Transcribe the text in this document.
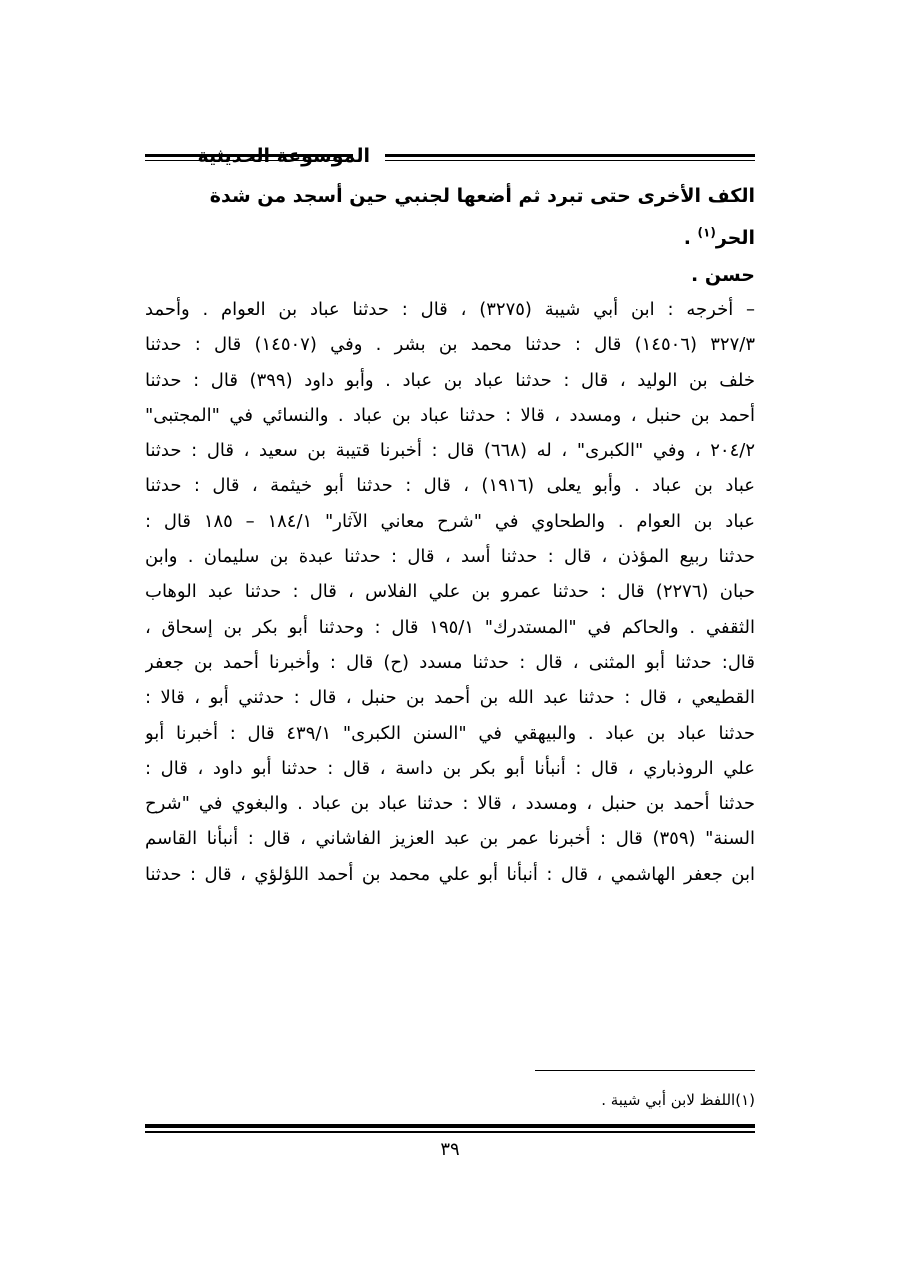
الموسوعة الحديثية
الكف الأخرى حتى تبرد ثم أضعها لجنبي حين أسجد من شدة
الحر$^{(١)}$ .
حسن .
– أخرجه : ابن أبي شيبة (٣٢٧٥) ، قال : حدثنا عباد بن العوام . وأحمد
٣٢٧/٣ (١٤٥٠٦) قال : حدثنا محمد بن بشر . وفي (١٤٥٠٧) قال : حدثنا
خلف بن الوليد ، قال : حدثنا عباد بن عباد . وأبو داود (٣٩٩) قال : حدثنا
أحمد بن حنبل ، ومسدد ، قالا : حدثنا عباد بن عباد . والنسائي في "المجتبى"
٢٠٤/٢ ، وفي "الكبرى" ، له (٦٦٨) قال : أخبرنا قتيبة بن سعيد ، قال : حدثنا
عباد بن عباد . وأبو يعلى (١٩١٦) ، قال : حدثنا أبو خيثمة ، قال : حدثنا
عباد بن العوام . والطحاوي في "شرح معاني الآثار" ١٨٤/١ – ١٨٥ قال :
حدثنا ربيع المؤذن ، قال : حدثنا أسد ، قال : حدثنا عبدة بن سليمان . وابن
حبان (٢٢٧٦) قال : حدثنا عمرو بن علي الفلاس ، قال : حدثنا عبد الوهاب
الثقفي . والحاكم في "المستدرك" ١٩٥/١ قال : وحدثنا أبو بكر بن إسحاق ،
قال: حدثنا أبو المثنى ، قال : حدثنا مسدد (ح) قال : وأخبرنا أحمد بن جعفر
القطيعي ، قال : حدثنا عبد الله بن أحمد بن حنبل ، قال : حدثني أبو ، قالا :
حدثنا عباد بن عباد . والبيهقي في "السنن الكبرى" ٤٣٩/١ قال : أخبرنا أبو
علي الروذباري ، قال : أنبأنا أبو بكر بن داسة ، قال : حدثنا أبو داود ، قال :
حدثنا أحمد بن حنبل ، ومسدد ، قالا : حدثنا عباد بن عباد . والبغوي في "شرح
السنة" (٣٥٩) قال : أخبرنا عمر بن عبد العزيز الفاشاني ، قال : أنبأنا القاسم
ابن جعفر الهاشمي ، قال : أنبأنا أبو علي محمد بن أحمد اللؤلؤي ، قال : حدثنا
(١)اللفظ لابن أبي شيبة .
٣٩
